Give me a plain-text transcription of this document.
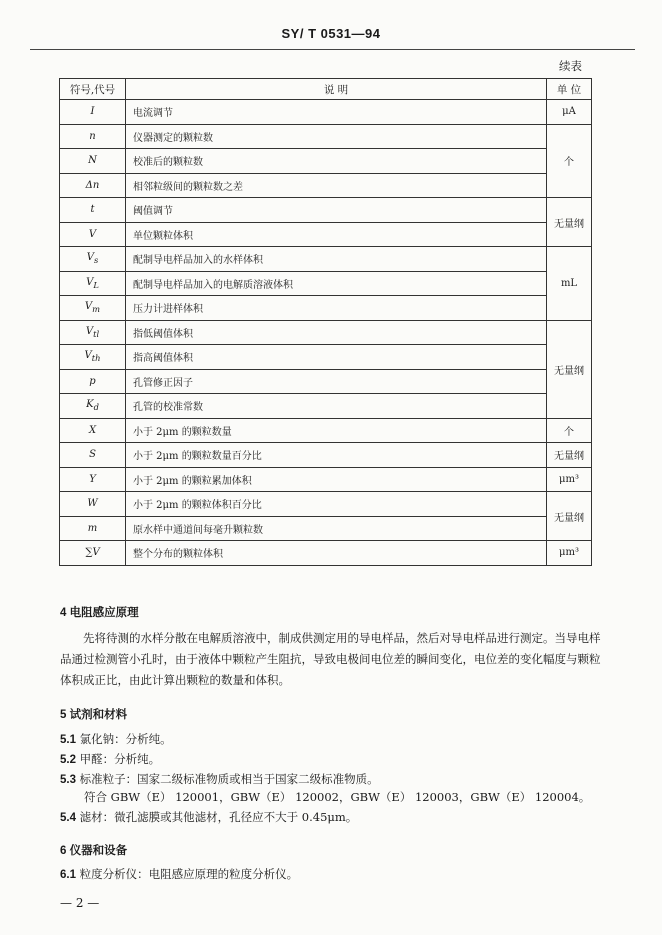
SY/ T 0531—94
续表
符号,代号	说 明	单 位
I	电流调节	μA
n	仪器测定的颗粒数	个
N	校准后的颗粒数	
Δn	相邻粒级间的颗粒数之差	
t	阈值调节	无量纲
V	单位颗粒体积	
$V_s$	配制导电样品加入的水样体积	mL
$V_L$	配制导电样品加入的电解质溶液体积	
$V_m$	压力计进样体积	
$V_{tl}$	指低阈值体积	无量纲
$V_{th}$	指高阈值体积	
p	孔管修正因子	
$K_d$	孔管的校准常数	
X	小于 2μm 的颗粒数量	个
S	小于 2μm 的颗粒数量百分比	无量纲
Y	小于 2μm 的颗粒累加体积	μm³
W	小于 2μm 的颗粒体积百分比	无量纲
m	原水样中通道间每毫升颗粒数	
∑V	整个分布的颗粒体积	μm³
4 电阻感应原理
先将待测的水样分散在电解质溶液中，制成供测定用的导电样品，然后对导电样品进行测定。当导电样品通过检测管小孔时，由于液体中颗粒产生阻抗，导致电极间电位差的瞬间变化，电位差的变化幅度与颗粒体积成正比，由此计算出颗粒的数量和体积。
5 试剂和材料
5.1 氯化钠：分析纯。
5.2 甲醛：分析纯。
5.3 标准粒子：国家二级标准物质或相当于国家二级标准物质。
符合 GBW（E） 120001，GBW（E） 120002，GBW（E） 120003，GBW（E） 120004。
5.4 滤材：微孔滤膜或其他滤材，孔径应不大于 0.45μm。
6 仪器和设备
6.1 粒度分析仪：电阻感应原理的粒度分析仪。
— 2 —
